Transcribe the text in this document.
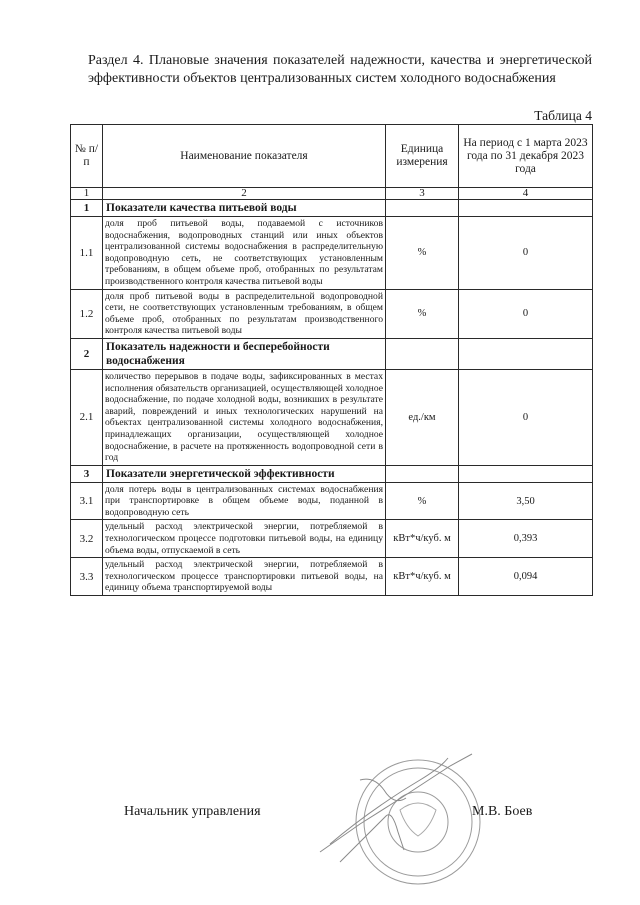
Раздел 4. Плановые значения показателей надежности, качества и энергетической эффективности объектов централизованных систем холодного водоснабжения
Таблица 4
№ п/п	Наименование показателя	Единица измерения	На период с 1 марта 2023 года по 31 декабря 2023 года
1	2	3	4
1	Показатели качества питьевой воды		
1.1	доля проб питьевой воды, подаваемой с источников водоснабжения, водопроводных станций или иных объектов централизованной системы водоснабжения в распределительную водопроводную сеть, не соответствующих установленным требованиям, в общем объеме проб, отобранных по результатам производственного контроля качества питьевой воды	%	0
1.2	доля проб питьевой воды в распределительной водопроводной сети, не соответствующих установленным требованиям, в общем объеме проб, отобранных по результатам производственного контроля качества питьевой воды	%	0
2	Показатель надежности и бесперебойности водоснабжения		
2.1	количество перерывов в подаче воды, зафиксированных в местах исполнения обязательств организацией, осуществляющей холодное водоснабжение, по подаче холодной воды, возникших в результате аварий, повреждений и иных технологических нарушений на объектах централизованной системы холодного водоснабжения, принадлежащих организации, осуществляющей холодное водоснабжение, в расчете на протяженность водопроводной сети в год	ед./км	0
3	Показатели энергетической эффективности		
3.1	доля потерь воды в централизованных системах водоснабжения при транспортировке в общем объеме воды, поданной в водопроводную сеть	%	3,50
3.2	удельный расход электрической энергии, потребляемой в технологическом процессе подготовки питьевой воды, на единицу объема воды, отпускаемой в сеть	кВт*ч/куб. м	0,393
3.3	удельный расход электрической энергии, потребляемой в технологическом процессе транспортировки питьевой воды, на единицу объема транспортируемой воды	кВт*ч/куб. м	0,094
Начальник управления	М.В. Боев
